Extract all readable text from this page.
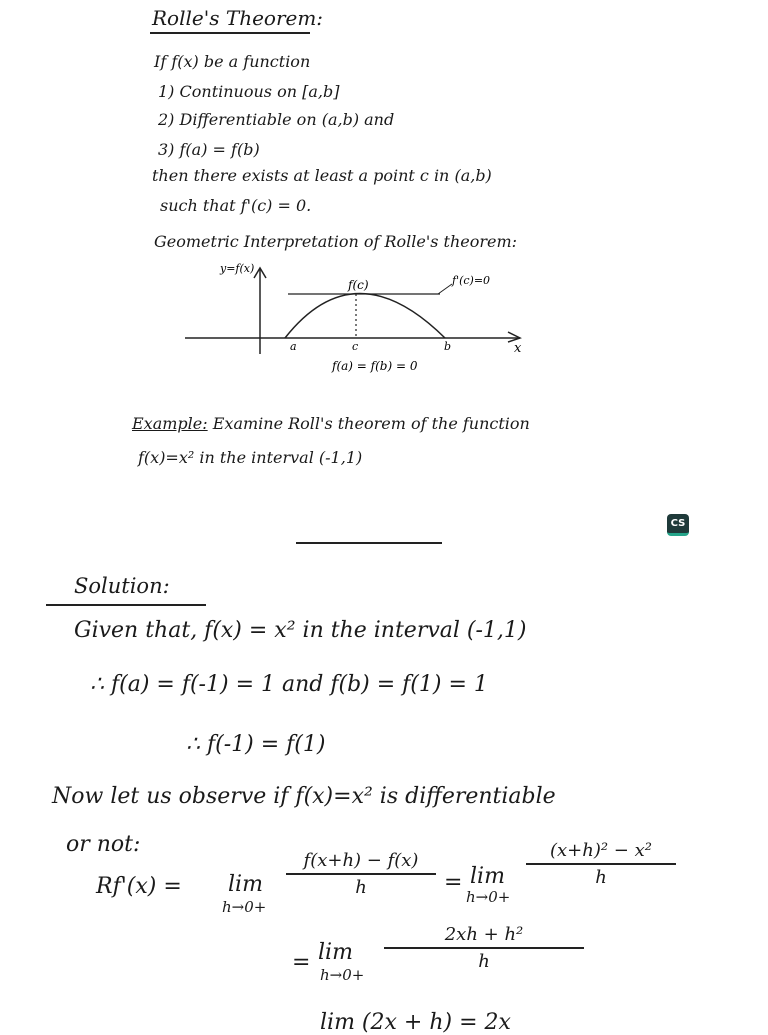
Rolle's Theorem:
If f(x) be a function
1) Continuous on [a,b]
2) Differentiable on (a,b) and
3) f(a) = f(b)
then there exists at least a point c in (a,b)
such that f'(c) = 0.
Geometric Interpretation of Rolle's theorem:
y=f(x)
f(c)	f'(c)=0
a	c	b	x
f(a) = f(b) = 0
Example: Examine Roll's theorem of the function
f(x)=x² in the interval (-1,1)
CS
Solution:
Given that, f(x) = x² in the interval (-1,1)
∴ f(a) = f(-1) = 1 and f(b) = f(1) = 1
∴ f(-1) = f(1)
Now let us observe if f(x)=x² is differentiable
or not:
Rf'(x) = lim
h→0+
f(x+h) − f(x)
h	= lim
h→0+
(x+h)² − x²
h
= lim
h→0+
2xh + h²
h
lim (2x + h) = 2x
